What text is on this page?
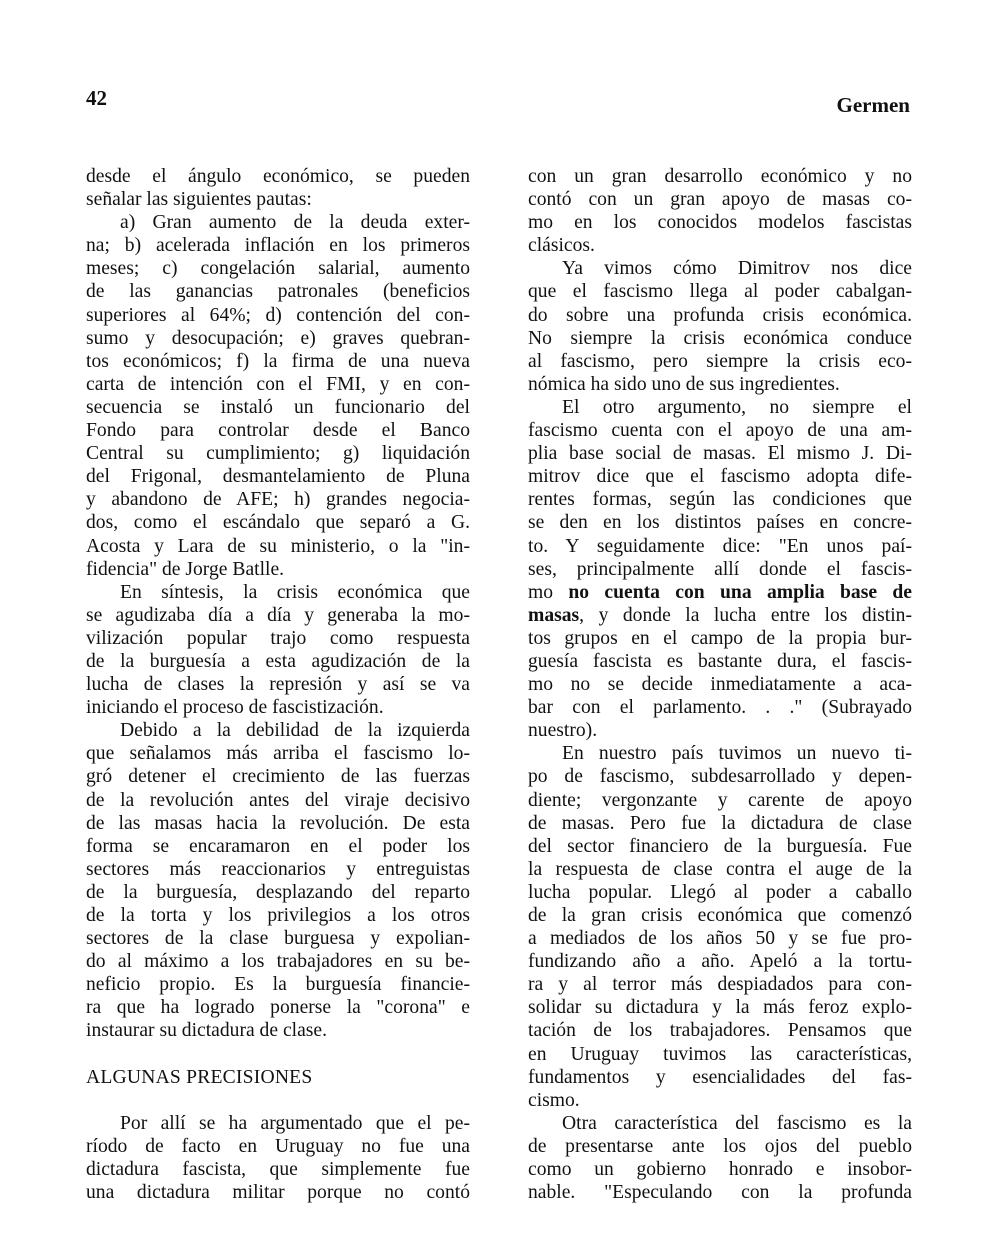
42	Germen
desde el ángulo económico, se pueden
señalar las siguientes pautas:
a) Gran aumento de la deuda exter-
na; b) acelerada inflación en los primeros
meses; c) congelación salarial, aumento
de las ganancias patronales (beneficios
superiores al 64%; d) contención del con-
sumo y desocupación; e) graves quebran-
tos económicos; f) la firma de una nueva
carta de intención con el FMI, y en con-
secuencia se instaló un funcionario del
Fondo para controlar desde el Banco
Central su cumplimiento; g) liquidación
del Frigonal, desmantelamiento de Pluna
y abandono de AFE; h) grandes negocia-
dos, como el escándalo que separó a G.
Acosta y Lara de su ministerio, o la "in-
fidencia" de Jorge Batlle.
En síntesis, la crisis económica que
se agudizaba día a día y generaba la mo-
vilización popular trajo como respuesta
de la burguesía a esta agudización de la
lucha de clases la represión y así se va
iniciando el proceso de fascistización.
Debido a la debilidad de la izquierda
que señalamos más arriba el fascismo lo-
gró detener el crecimiento de las fuerzas
de la revolución antes del viraje decisivo
de las masas hacia la revolución. De esta
forma se encaramaron en el poder los
sectores más reaccionarios y entreguistas
de la burguesía, desplazando del reparto
de la torta y los privilegios a los otros
sectores de la clase burguesa y expolian-
do al máximo a los trabajadores en su be-
neficio propio. Es la burguesía financie-
ra que ha logrado ponerse la "corona" e
instaurar su dictadura de clase.
ALGUNAS PRECISIONES
Por allí se ha argumentado que el pe-
ríodo de facto en Uruguay no fue una
dictadura fascista, que simplemente fue
una dictadura militar porque no contó
con un gran desarrollo económico y no
contó con un gran apoyo de masas co-
mo en los conocidos modelos fascistas
clásicos.
Ya vimos cómo Dimitrov nos dice
que el fascismo llega al poder cabalgan-
do sobre una profunda crisis económica.
No siempre la crisis económica conduce
al fascismo, pero siempre la crisis eco-
nómica ha sido uno de sus ingredientes.
El otro argumento, no siempre el
fascismo cuenta con el apoyo de una am-
plia base social de masas. El mismo J. Di-
mitrov dice que el fascismo adopta dife-
rentes formas, según las condiciones que
se den en los distintos países en concre-
to. Y seguidamente dice: "En unos paí-
ses, principalmente allí donde el fascis-
mo no cuenta con una amplia base de
masas, y donde la lucha entre los distin-
tos grupos en el campo de la propia bur-
guesía fascista es bastante dura, el fascis-
mo no se decide inmediatamente a aca-
bar con el parlamento. . ." (Subrayado
nuestro).
En nuestro país tuvimos un nuevo ti-
po de fascismo, subdesarrollado y depen-
diente; vergonzante y carente de apoyo
de masas. Pero fue la dictadura de clase
del sector financiero de la burguesía. Fue
la respuesta de clase contra el auge de la
lucha popular. Llegó al poder a caballo
de la gran crisis económica que comenzó
a mediados de los años 50 y se fue pro-
fundizando año a año. Apeló a la tortu-
ra y al terror más despiadados para con-
solidar su dictadura y la más feroz explo-
tación de los trabajadores. Pensamos que
en Uruguay tuvimos las características,
fundamentos y esencialidades del fas-
cismo.
Otra característica del fascismo es la
de presentarse ante los ojos del pueblo
como un gobierno honrado e insobor-
nable. "Especulando con la profunda
